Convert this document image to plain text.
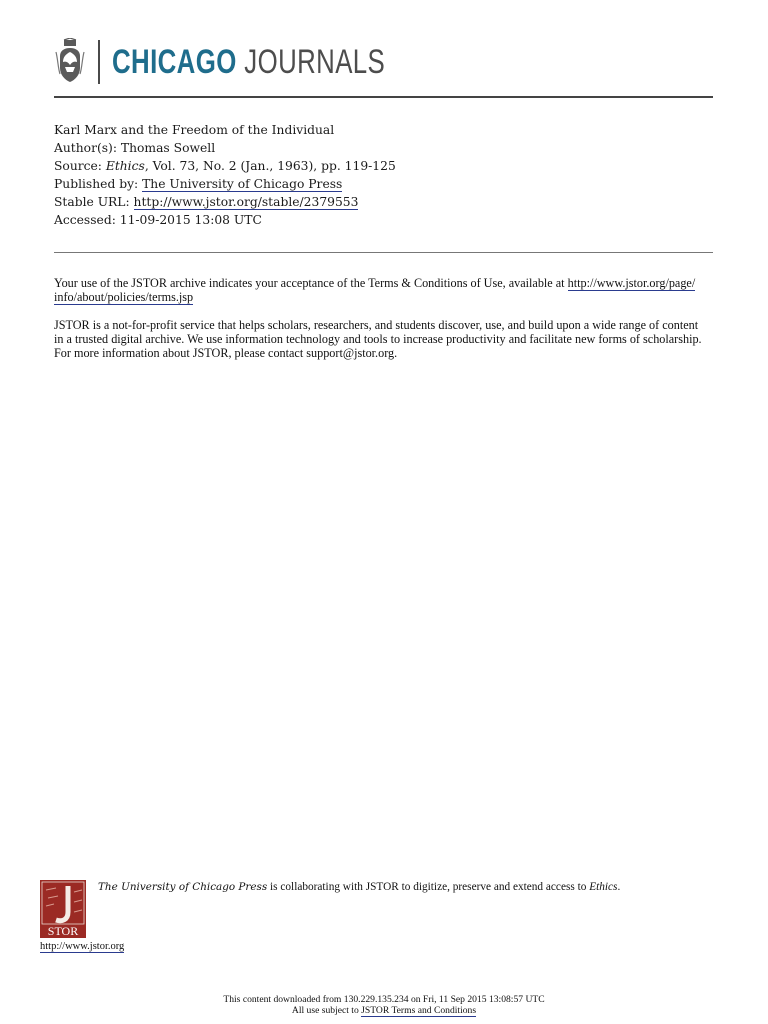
CHICAGO JOURNALS
Karl Marx and the Freedom of the Individual
Author(s): Thomas Sowell
Source: Ethics, Vol. 73, No. 2 (Jan., 1963), pp. 119-125
Published by: The University of Chicago Press
Stable URL: http://www.jstor.org/stable/2379553
Accessed: 11-09-2015 13:08 UTC
Your use of the JSTOR archive indicates your acceptance of the Terms & Conditions of Use, available at http://www.jstor.org/page/
info/about/policies/terms.jsp
JSTOR is a not-for-profit service that helps scholars, researchers, and students discover, use, and build upon a wide range of content
in a trusted digital archive. We use information technology and tools to increase productivity and facilitate new forms of scholarship.
For more information about JSTOR, please contact support@jstor.org.
STOR
The University of Chicago Press is collaborating with JSTOR to digitize, preserve and extend access to Ethics.
http://www.jstor.org
This content downloaded from 130.229.135.234 on Fri, 11 Sep 2015 13:08:57 UTC
All use subject to JSTOR Terms and Conditions
